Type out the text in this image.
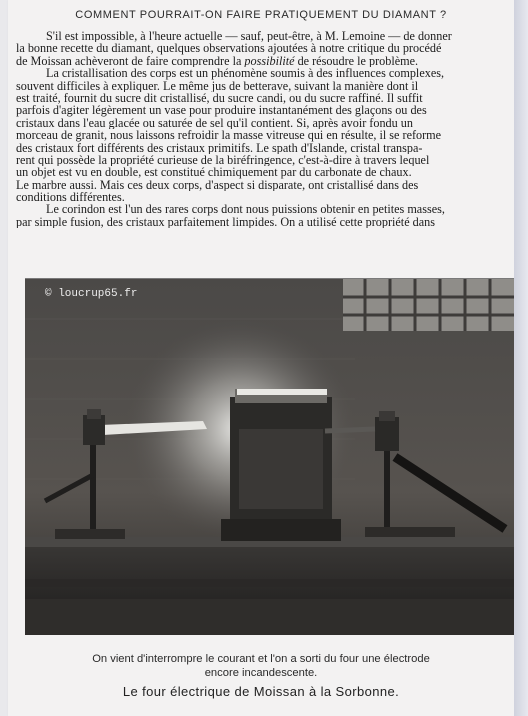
COMMENT POURRAIT-ON FAIRE PRATIQUEMENT DU DIAMANT ?
S'il est impossible, à l'heure actuelle — sauf, peut-être, à M. Lemoine — de donner
la bonne recette du diamant, quelques observations ajoutées à notre critique du procédé
de Moissan achèveront de faire comprendre la possibilité de résoudre le problème.
La cristallisation des corps est un phénomène soumis à des influences complexes,
souvent difficiles à expliquer. Le même jus de betterave, suivant la manière dont il
est traité, fournit du sucre dit cristallisé, du sucre candi, ou du sucre raffiné. Il suffit
parfois d'agiter légèrement un vase pour produire instantanément des glaçons ou des
cristaux dans l'eau glacée ou saturée de sel qu'il contient. Si, après avoir fondu un
morceau de granit, nous laissons refroidir la masse vitreuse qui en résulte, il se reforme
des cristaux fort différents des cristaux primitifs. Le spath d'Islande, cristal transpa-
rent qui possède la propriété curieuse de la biréfringence, c'est-à-dire à travers lequel
un objet est vu en double, est constitué chimiquement par du carbonate de chaux.
Le marbre aussi. Mais ces deux corps, d'aspect si disparate, ont cristallisé dans des
conditions différentes.
Le corindon est l'un des rares corps dont nous puissions obtenir en petites masses,
par simple fusion, des cristaux parfaitement limpides. On a utilisé cette propriété dans
© loucrup65.fr
On vient d'interrompre le courant et l'on a sorti du four une électrode
encore incandescente.
Le four électrique de Moissan à la Sorbonne.
